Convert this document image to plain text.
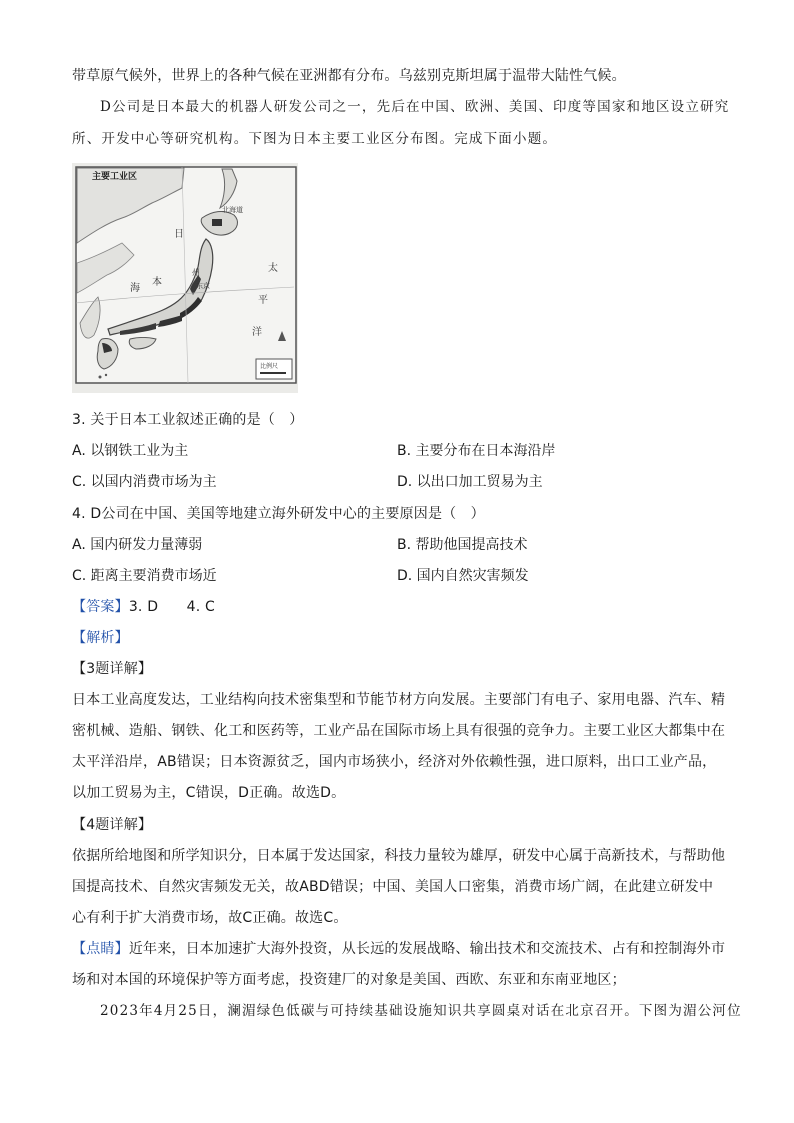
带草原气候外，世界上的各种气候在亚洲都有分布。乌兹别克斯坦属于温带大陆性气候。
D公司是日本最大的机器人研发公司之一，先后在中国、欧洲、美国、印度等国家和地区设立研究
所、开发中心等研究机构。下图为日本主要工业区分布图。完成下面小题。
主要工业区
日
本
海
太
平
洋
州
东京
北海道
比例尺
3. 关于日本工业叙述正确的是（　）
A. 以钢铁工业为主	B. 主要分布在日本海沿岸
C. 以国内消费市场为主	D. 以出口加工贸易为主
4. D公司在中国、美国等地建立海外研发中心的主要原因是（　）
A. 国内研发力量薄弱	B. 帮助他国提高技术
C. 距离主要消费市场近	D. 国内自然灾害频发
【答案】3. D　　4. C
【解析】
【3题详解】
日本工业高度发达，工业结构向技术密集型和节能节材方向发展。主要部门有电子、家用电器、汽车、精
密机械、造船、钢铁、化工和医药等，工业产品在国际市场上具有很强的竞争力。主要工业区大都集中在
太平洋沿岸，AB错误；日本资源贫乏，国内市场狭小，经济对外依赖性强，进口原料，出口工业产品，
以加工贸易为主，C错误，D正确。故选D。
【4题详解】
依据所给地图和所学知识分，日本属于发达国家，科技力量较为雄厚，研发中心属于高新技术，与帮助他
国提高技术、自然灾害频发无关，故ABD错误；中国、美国人口密集，消费市场广阔，在此建立研发中
心有利于扩大消费市场，故C正确。故选C。
【点睛】近年来，日本加速扩大海外投资，从长远的发展战略、输出技术和交流技术、占有和控制海外市
场和对本国的环境保护等方面考虑，投资建厂的对象是美国、西欧、东亚和东南亚地区；
2023年4月25日，澜湄绿色低碳与可持续基础设施知识共享圆桌对话在北京召开。下图为湄公河位
